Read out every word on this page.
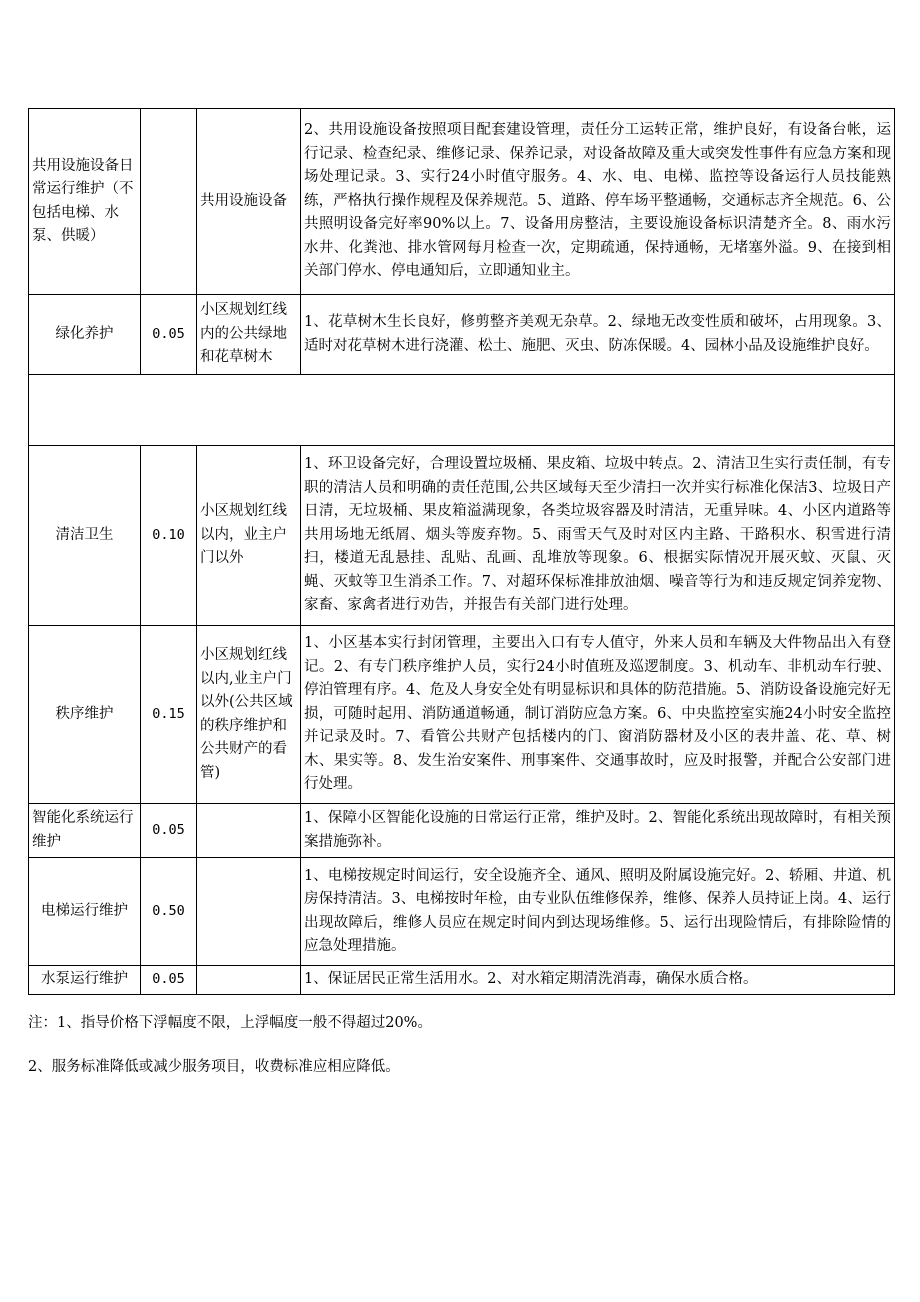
共用设施设备日常运行维护（不包括电梯、水泵、供暖）		共用设施设备	2、共用设施设备按照项目配套建设管理，责任分工运转正常，维护良好，有设备台帐，运行记录、检查纪录、维修记录、保养记录，对设备故障及重大或突发性事件有应急方案和现场处理记录。3、实行24小时值守服务。4、水、电、电梯、监控等设备运行人员技能熟练，严格执行操作规程及保养规范。5、道路、停车场平整通畅，交通标志齐全规范。6、公共照明设备完好率90%以上。7、设备用房整洁，主要设施设备标识清楚齐全。8、雨水污水井、化粪池、排水管网每月检查一次，定期疏通，保持通畅，无堵塞外溢。9、在接到相关部门停水、停电通知后，立即通知业主。
绿化养护	0.05	小区规划红线内的公共绿地和花草树木	1、花草树木生长良好，修剪整齐美观无杂草。2、绿地无改变性质和破坏，占用现象。3、适时对花草树木进行浇灌、松土、施肥、灭虫、防冻保暖。4、园林小品及设施维护良好。

清洁卫生	0.10	小区规划红线以内，业主户门以外	1、环卫设备完好，合理设置垃圾桶、果皮箱、垃圾中转点。2、清洁卫生实行责任制，有专职的清洁人员和明确的责任范围,公共区域每天至少清扫一次并实行标准化保洁3、垃圾日产日清，无垃圾桶、果皮箱溢满现象，各类垃圾容器及时清洁，无重异味。4、小区内道路等共用场地无纸屑、烟头等废弃物。5、雨雪天气及时对区内主路、干路积水、积雪进行清扫，楼道无乱悬挂、乱贴、乱画、乱堆放等现象。6、根据实际情况开展灭蚊、灭鼠、灭蝇、灭蚊等卫生消杀工作。7、对超环保标准排放油烟、噪音等行为和违反规定饲养宠物、家畜、家禽者进行劝告，并报告有关部门进行处理。
秩序维护	0.15	小区规划红线以内,业主户门以外(公共区域的秩序维护和公共财产的看管)	1、小区基本实行封闭管理，主要出入口有专人值守，外来人员和车辆及大件物品出入有登记。2、有专门秩序维护人员，实行24小时值班及巡逻制度。3、机动车、非机动车行驶、停泊管理有序。4、危及人身安全处有明显标识和具体的防范措施。5、消防设备设施完好无损，可随时起用、消防通道畅通，制订消防应急方案。6、中央监控室实施24小时安全监控并记录及时。7、看管公共财产包括楼内的门、窗消防器材及小区的表井盖、花、草、树木、果实等。8、发生治安案件、刑事案件、交通事故时，应及时报警，并配合公安部门进行处理。
智能化系统运行维护	0.05		1、保障小区智能化设施的日常运行正常，维护及时。2、智能化系统出现故障时，有相关预案措施弥补。
电梯运行维护	0.50		1、电梯按规定时间运行，安全设施齐全、通风、照明及附属设施完好。2、轿厢、井道、机房保持清洁。3、电梯按时年检，由专业队伍维修保养，维修、保养人员持证上岗。4、运行出现故障后，维修人员应在规定时间内到达现场维修。5、运行出现险情后，有排除险情的应急处理措施。
水泵运行维护	0.05		1、保证居民正常生活用水。2、对水箱定期清洗消毒，确保水质合格。
注：1、指导价格下浮幅度不限，上浮幅度一般不得超过20%。
2、服务标准降低或减少服务项目，收费标准应相应降低。
